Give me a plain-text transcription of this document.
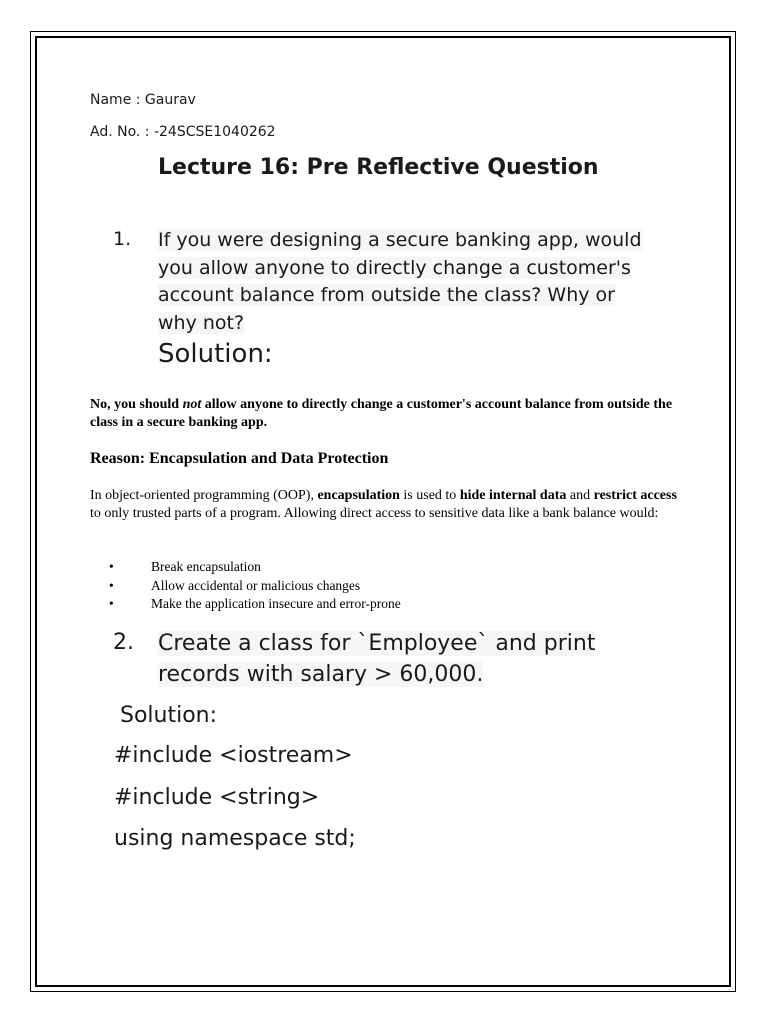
Name : Gaurav

Ad. No. : -24SCSE1040262

Lecture 16: Pre Reflective Question
1. If you were designing a secure banking app, would
you allow anyone to directly change a customer's
account balance from outside the class? Why or
why not?

Solution:

No, you should not allow anyone to directly change a customer's account balance from outside the class in a secure banking app.

Reason: Encapsulation and Data Protection

In object-oriented programming (OOP), encapsulation is used to hide internal data and restrict access to only trusted parts of a program. Allowing direct access to sensitive data like a bank balance would:

• Break encapsulation
• Allow accidental or malicious changes
• Make the application insecure and error-prone
2. Create a class for `Employee` and print
records with salary > 60,000.

Solution:

#include <iostream>

#include <string>

using namespace std;
